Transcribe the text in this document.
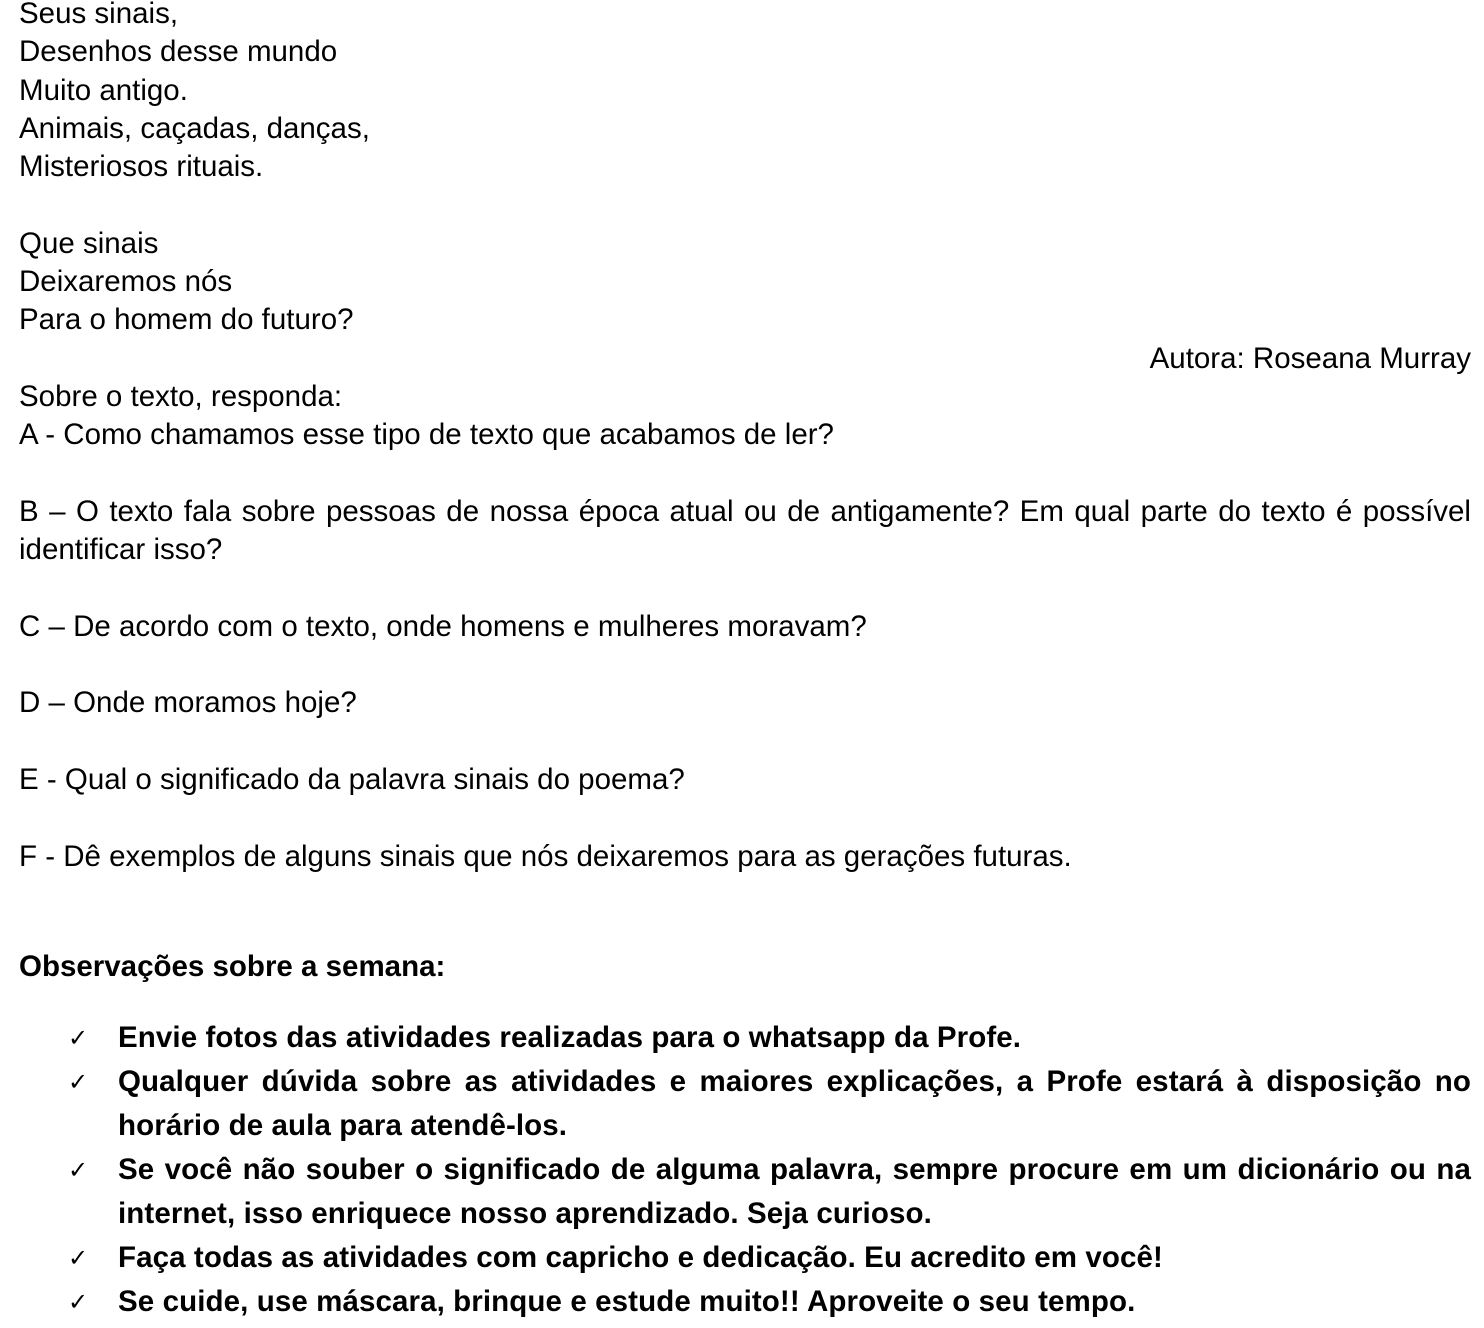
Seus sinais,
Desenhos desse mundo
Muito antigo.
Animais, caçadas, danças,
Misteriosos rituais.
Que sinais
Deixaremos nós
Para o homem do futuro?
Autora: Roseana Murray
Sobre o texto, responda:
A - Como chamamos esse tipo de texto que acabamos de ler?
B – O texto fala sobre pessoas de nossa época atual ou de antigamente? Em qual parte do texto é possível identificar isso?
C – De acordo com o texto, onde homens e mulheres moravam?
D – Onde moramos hoje?
E - Qual o significado da palavra sinais do poema?
F - Dê exemplos de alguns sinais que nós deixaremos para as gerações futuras.
Observações sobre a semana:
✓ Envie fotos das atividades realizadas para o whatsapp da Profe.
✓ Qualquer dúvida sobre as atividades e maiores explicações, a Profe estará à disposição no horário de aula para atendê-los.
✓ Se você não souber o significado de alguma palavra, sempre procure em um dicionário ou na internet, isso enriquece nosso aprendizado. Seja curioso.
✓ Faça todas as atividades com capricho e dedicação. Eu acredito em você!
✓ Se cuide, use máscara, brinque e estude muito!! Aproveite o seu tempo.
